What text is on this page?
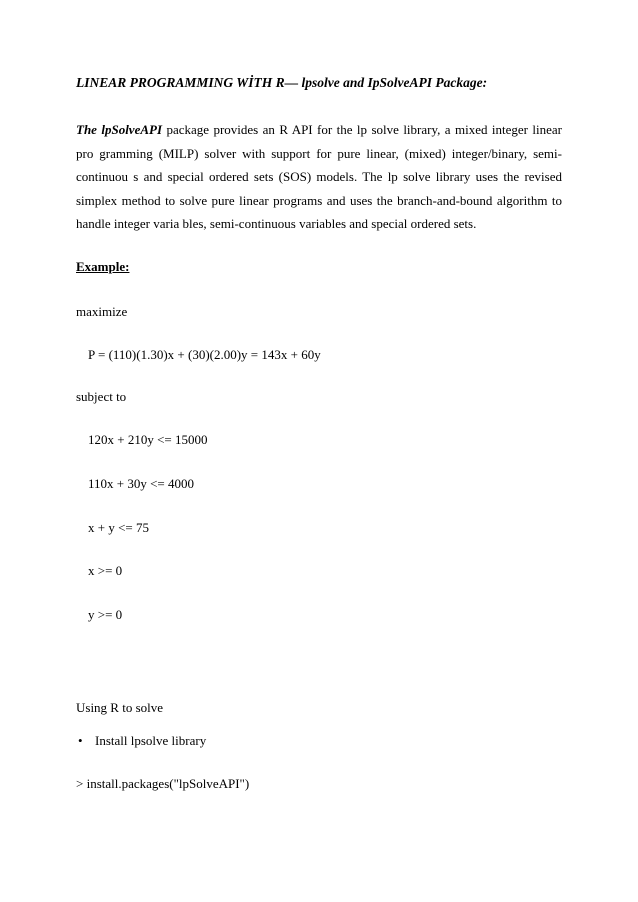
LINEAR PROGRAMMING WİTH R— lpsolve and IpSolveAPI Package:
The lpSolveAPI package provides an R API for the lp solve library, a mixed integer linear pro gramming (MILP) solver with support for pure linear, (mixed) integer/binary, semi-continuou s and special ordered sets (SOS) models. The lp solve library uses the revised simplex method to solve pure linear programs and uses the branch-and-bound algorithm to handle integer varia bles, semi-continuous variables and special ordered sets.
Example:
maximize
P = (110)(1.30)x + (30)(2.00)y = 143x + 60y
subject to
120x + 210y <= 15000
110x + 30y <= 4000
x + y <= 75
x >= 0
y >= 0
Using R to solve
• Install lpsolve library
> install.packages("lpSolveAPI")
